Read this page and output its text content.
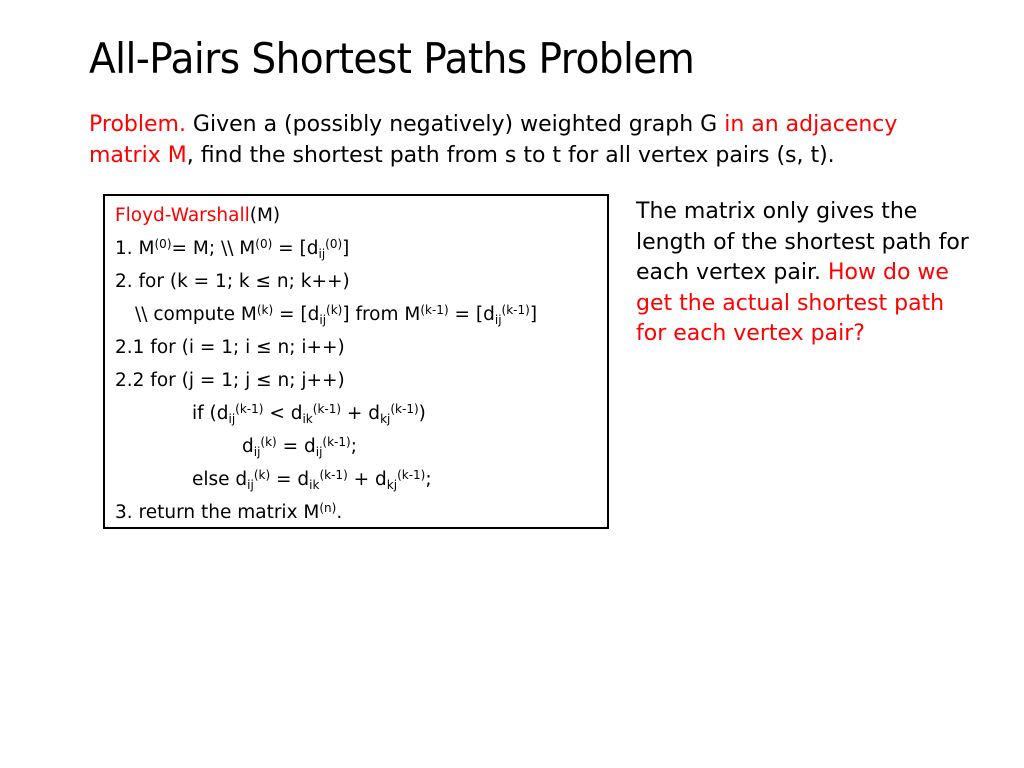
All-Pairs Shortest Paths Problem
Problem. Given a (possibly negatively) weighted graph G in an adjacency matrix M, find the shortest path from s to t for all vertex pairs (s, t).
Floyd-Warshall(M)
1. $M^{(0)}= M$; \\ $M^{(0)} = [d_{ij}^{(0)}]$
2. for (k = 1; k ≤ n; k++)
\\ compute $M^{(k)} = [d_{ij}^{(k)}]$ from $M^{(k-1)} = [d_{ij}^{(k-1)}]$
2.1 for (i = 1; i ≤ n; i++)
2.2 for (j = 1; j ≤ n; j++)
if $(d_{ij}^{(k-1)} < d_{ik}^{(k-1)} + d_{kj}^{(k-1)})$
$d_{ij}^{(k)} = d_{ij}^{(k-1)}$;
else $d_{ij}^{(k)} = d_{ik}^{(k-1)} + d_{kj}^{(k-1)}$;
3. return the matrix $M^{(n)}$.
The matrix only gives the length of the shortest path for each vertex pair. How do we get the actual shortest path for each vertex pair?
